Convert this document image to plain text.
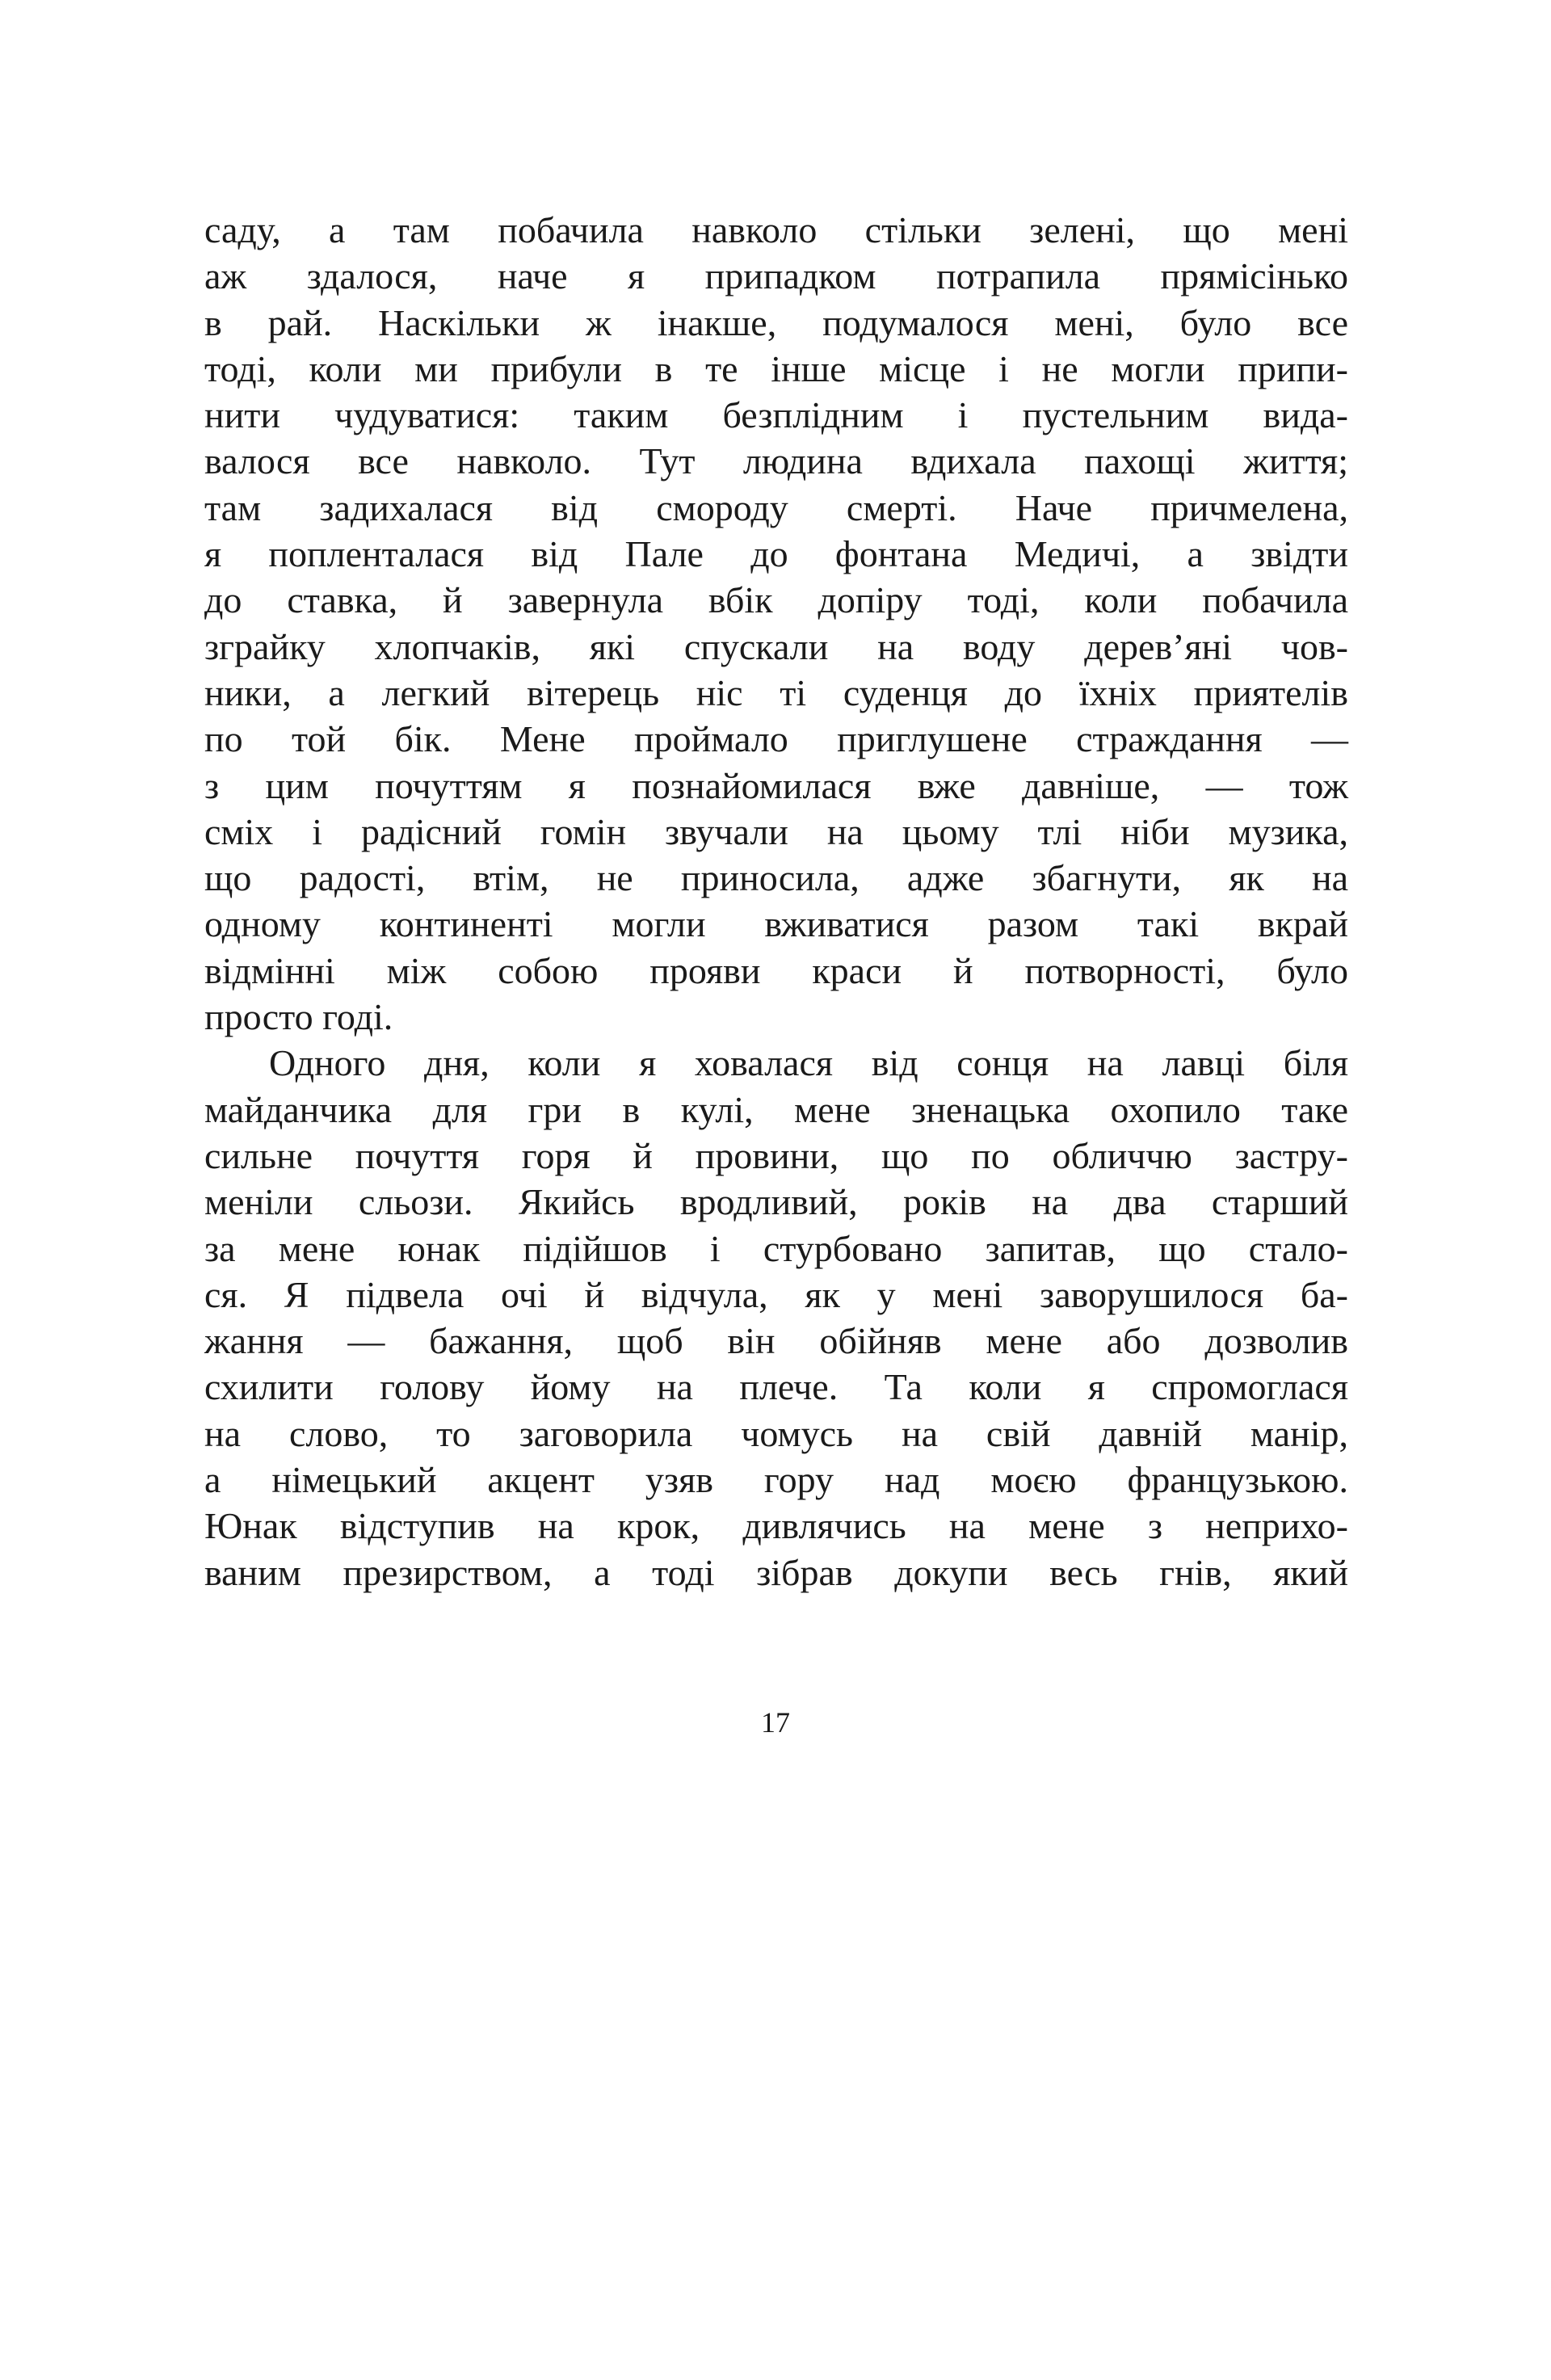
саду, а там побачила навколо стільки зелені, що мені
аж здалося, наче я припадком потрапила прямісінько
в рай. Наскільки ж інакше, подумалося мені, було все
тоді, коли ми прибули в те інше місце і не могли припи-
нити чудуватися: таким безплідним і пустельним вида-
валося все навколо. Тут людина вдихала пахощі життя;
там задихалася від смороду смерті. Наче причмелена,
я попленталася від Пале до фонтана Медичі, а звідти
до ставка, й завернула вбік допіру тоді, коли побачила
зграйку хлопчаків, які спускали на воду дерев’яні чов-
ники, а легкий вітерець ніс ті суденця до їхніх приятелів
по той бік. Мене проймало приглушене страждання —
з цим почуттям я познайомилася вже давніше, — тож
сміх і радісний гомін звучали на цьому тлі ніби музика,
що радості, втім, не приносила, адже збагнути, як на
одному континенті могли вживатися разом такі вкрай
відмінні між собою прояви краси й потворності, було
просто годі.
Одного дня, коли я ховалася від сонця на лавці біля
майданчика для гри в кулі, мене зненацька охопило таке
сильне почуття горя й провини, що по обличчю застру-
меніли сльози. Якийсь вродливий, років на два старший
за мене юнак підійшов і стурбовано запитав, що стало-
ся. Я підвела очі й відчула, як у мені заворушилося ба-
жання — бажання, щоб він обійняв мене або дозволив
схилити голову йому на плече. Та коли я спромоглася
на слово, то заговорила чомусь на свій давній манір,
а німецький акцент узяв гору над моєю французькою.
Юнак відступив на крок, дивлячись на мене з неприхо-
ваним презирством, а тоді зібрав докупи весь гнів, який
17
